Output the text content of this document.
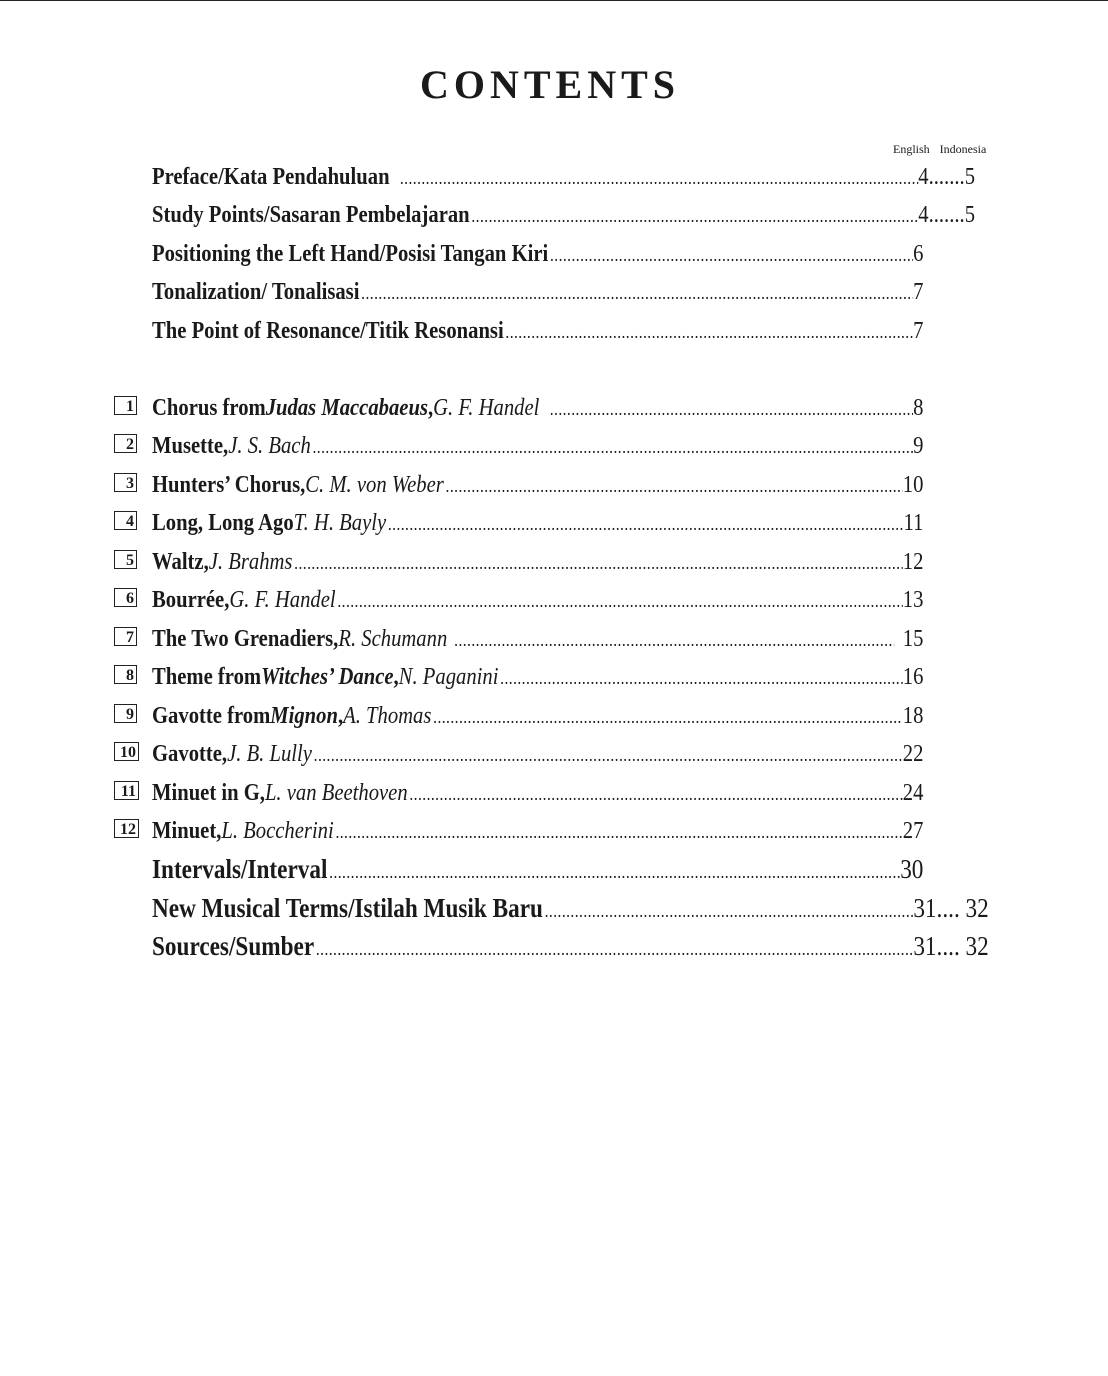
CONTENTS
English Indonesia
Preface/Kata Pendahuluan .....	4.......5
Study Points/Sasaran Pembelajaran .....	4.......5
Positioning the Left Hand/Posisi Tangan Kiri .....	6
Tonalization/ Tonalisasi .....	7
The Point of Resonance/Titik Resonansi .....	7
1 Chorus from Judas Maccabaeus , G. F. Handel .....	8
2 Musette, J. S. Bach .....	9
3 Hunters’ Chorus, C. M. von Weber .....	10
4 Long, Long Ago T. H. Bayly .....	11
5 Waltz, J. Brahms .....	12
6 Bourrée, G. F. Handel .....	13
7 The Two Grenadiers, R. Schumann .....	15
8 Theme from Witches’ Dance , N. Paganini .....	16
9 Gavotte from Mignon , A. Thomas .....	18
10 Gavotte, J. B. Lully .....	22
11 Minuet in G, L. van Beethoven .....	24
12 Minuet, L. Boccherini .....	27
Intervals/Interval .....	30
New Musical Terms/Istilah Musik Baru .....	31.... 32
Sources/Sumber .....	31.... 32
